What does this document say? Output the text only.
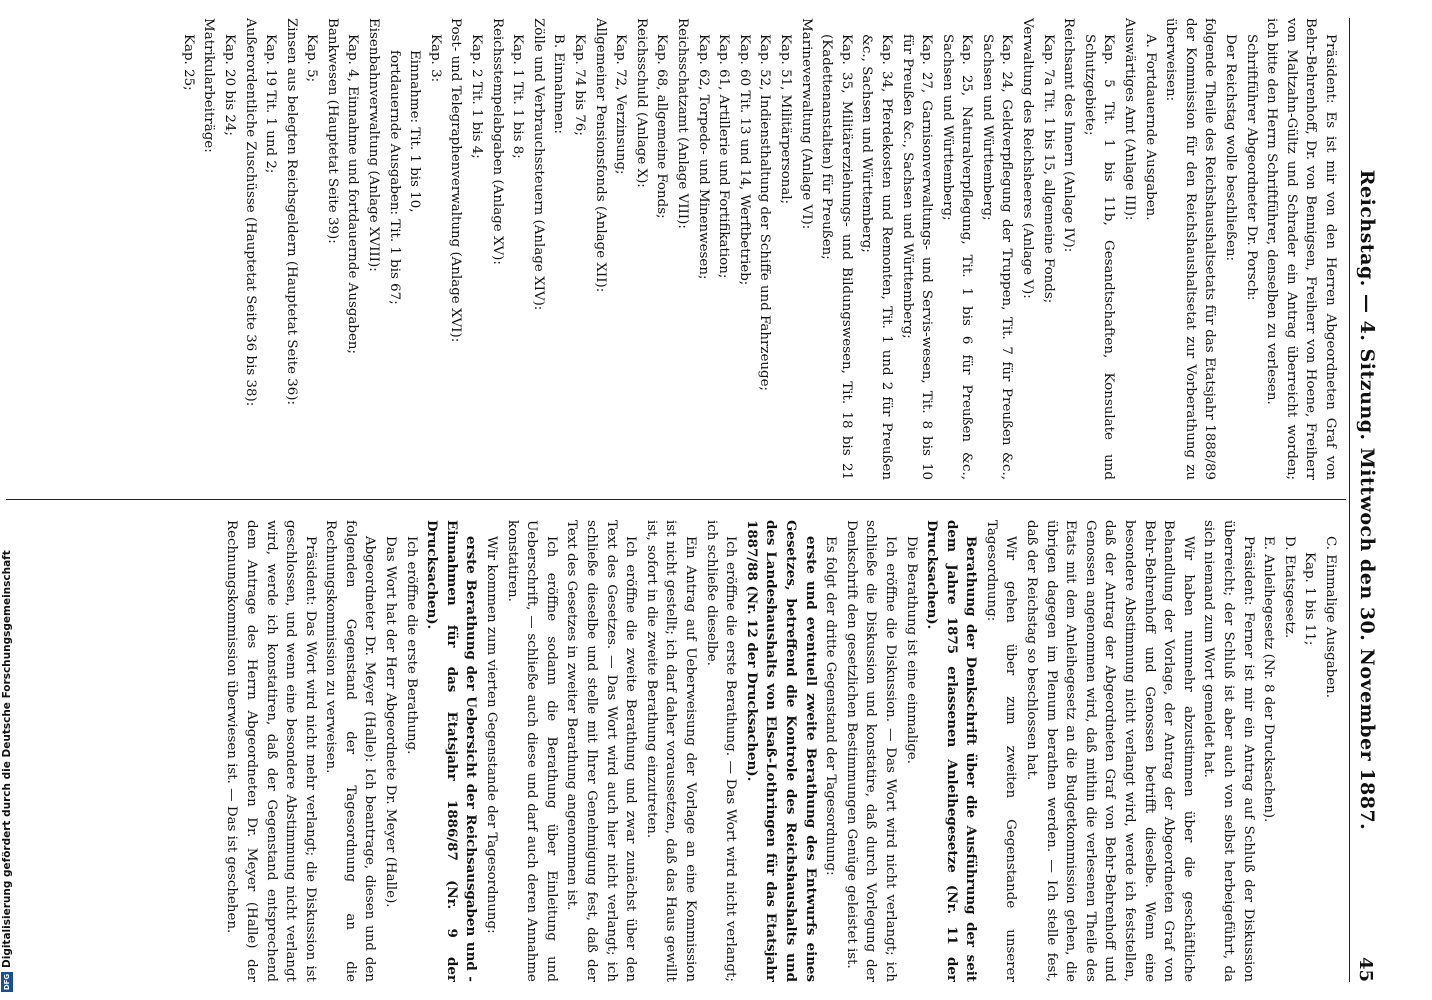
Reichstag. — 4. Sitzung. Mittwoch den 30. November 1887.
45

Präsident: Es ist mir von den Herren Abgeordneten Graf von Behr-Behrenhoff, Dr. von Bennigsen, Freiherr von Hoene, Freiherr von Maltzahn-Gültz und Schrader ein Antrag überreicht worden; ich bitte den Herrn Schriftführer, denselben zu verlesen.

Schriftführer Abgeordneter Dr. Porsch:

Der Reichstag wolle beschließen:

folgende Theile des Reichshaushaltsetats für das Etatsjahr 1888/89 der Kommission für den Reichshaushaltsetat zur Vorberathung zu überweisen:

A. Fortdauernde Ausgaben.

Auswärtiges Amt (Anlage III):

Kap. 5 Tit. 1 bis 11b, Gesandtschaften, Konsulate und Schutzgebiete;

Reichsamt des Innern (Anlage IV):

Kap. 7a Tit. 1 bis 15, allgemeine Fonds;

Verwaltung des Reichsheeres (Anlage V):

Kap. 24, Geldverpflegung der Truppen, Tit. 7 für Preußen &c., Sachsen und Württemberg;

Kap. 25, Naturalverpflegung, Tit. 1 bis 6 für Preußen &c., Sachsen und Württemberg;

Kap. 27, Garnisonverwaltungs- und Servis-wesen, Tit. 8 bis 10 für Preußen &c., Sachsen und Württemberg;

Kap. 34, Pferdekosten und Remonten, Tit. 1 und 2 für Preußen &c., Sachsen und Württemberg;

Kap. 35, Militärerziehungs- und Bildungswesen, Tit. 18 bis 21 (Kadettenanstalten) für Preußen;

Marineverwaltung (Anlage VI):

Kap. 51, Militärpersonal;

Kap. 52, Indiensthaltung der Schiffe und Fahrzeuge;

Kap. 60 Tit. 13 und 14, Werftbetrieb;

Kap. 61, Artillerie und Fortifikation;

Kap. 62, Torpedo- und Minenwesen;

Reichsschatzamt (Anlage VIII):

Kap. 68, allgemeine Fonds;

Reichsschuld (Anlage X):

Kap. 72, Verzinsung;

Allgemeiner Pensionsfonds (Anlage XII):

Kap. 74 bis 76;

B. Einnahmen:

Zölle und Verbrauchssteuern (Anlage XIV):

Kap. 1 Tit. 1 bis 8;

Reichsstempelabgaben (Anlage XV):

Kap. 2 Tit. 1 bis 4;

Post- und Telegraphenverwaltung (Anlage XVI):

Kap. 3:

Einnahme: Tit. 1 bis 10,

fortdauernde Ausgaben: Tit. 1 bis 67;

Eisenbahnverwaltung (Anlage XVIII):

Kap. 4, Einnahme und fortdauernde Ausgaben;

Bankwesen (Hauptetat Seite 39):

Kap. 5;

Zinsen aus belegten Reichsgeldern (Hauptetat Seite 36):

Kap. 19 Tit. 1 und 2;

Außerordentliche Zuschüsse (Hauptetat Seite 36 bis 38):

Kap. 20 bis 24;

Matrikularbeiträge:

Kap. 25;

C. Einmalige Ausgaben.

Kap. 1 bis 11;

D. Etatsgesetz.

E. Anleihegesetz (Nr. 8 der Drucksachen).

Präsident: Ferner ist mir ein Antrag auf Schluß der Diskussion überreicht; der Schluß ist aber auch von selbst herbeigeführt, da sich niemand zum Wort gemeldet hat.

Wir haben nunmehr abzustimmen über die geschäftliche Behandlung der Vorlage, der Antrag der Abgeordneten Graf von Behr-Behrenhoff und Genossen betrifft dieselbe. Wenn eine besondere Abstimmung nicht verlangt wird, werde ich feststellen, daß der Antrag der Abgeordneten Graf von Behr-Behrenhoff und Genossen angenommen wird, daß mithin die verlesenen Theile des Etats mit dem Anleihegesetz an die Budgetkommission gehen, die übrigen dagegen im Plenum berathen werden. — Ich stelle fest, daß der Reichstag so beschlossen hat.

Wir gehen über zum zweiten Gegenstande unserer Tagesordnung:

Berathung der Denkschrift über die Ausführung der seit dem Jahre 1875 erlassenen Anleihegesetze (Nr. 11 der Drucksachen).

Die Berathung ist eine einmalige.

Ich eröffne die Diskussion. — Das Wort wird nicht verlangt; ich schließe die Diskussion und konstatire, daß durch Vorlegung der Denkschrift den gesetzlichen Bestimmungen Genüge geleistet ist.

Es folgt der dritte Gegenstand der Tagesordnung:

erste und eventuell zweite Berathung des Entwurfs eines Gesetzes, betreffend die Kontrole des Reichshaushalts und des Landeshaushalts von Elsaß-Lothringen für das Etatsjahr 1887/88 (Nr. 12 der Drucksachen).

Ich eröffne die erste Berathung. — Das Wort wird nicht verlangt; ich schließe dieselbe.

Ein Antrag auf Ueberweisung der Vorlage an eine Kommission ist nicht gestellt; ich darf daher voraussetzen, daß das Haus gewillt ist, sofort in die zweite Berathung einzutreten.

Ich eröffne die zweite Berathung und zwar zunächst über den Text des Gesetzes. — Das Wort wird auch hier nicht verlangt; ich schließe dieselbe und stelle mit Ihrer Genehmigung fest, daß der Text des Gesetzes in zweiter Berathung angenommen ist.

Ich eröffne sodann die Berathung über Einleitung und Ueberschrift, — schließe auch diese und darf auch deren Annahme konstatiren.

Wir kommen zum vierten Gegenstande der Tagesordnung:

erste Berathung der Uebersicht der Reichsausgaben und -Einnahmen für das Etatsjahr 1886/87 (Nr. 9 der Drucksachen).

Ich eröffne die erste Berathung.

Das Wort hat der Herr Abgeordnete Dr. Meyer (Halle).

Abgeordneter Dr. Meyer (Halle): Ich beantrage, diesen und den folgenden Gegenstand der Tagesordnung an die Rechnungskommission zu verweisen.

Präsident: Das Wort wird nicht mehr verlangt; die Diskussion ist geschlossen, und wenn eine besondere Abstimmung nicht verlangt wird, werde ich konstatiren, daß der Gegenstand entsprechend dem Antrage des Herrn Abgeordneten Dr. Meyer (Halle) der Rechnungskommission überwiesen ist. — Das ist geschehen.

DFGDigitalisierung gefördert durch die Deutsche Forschungsgemeinschaft
